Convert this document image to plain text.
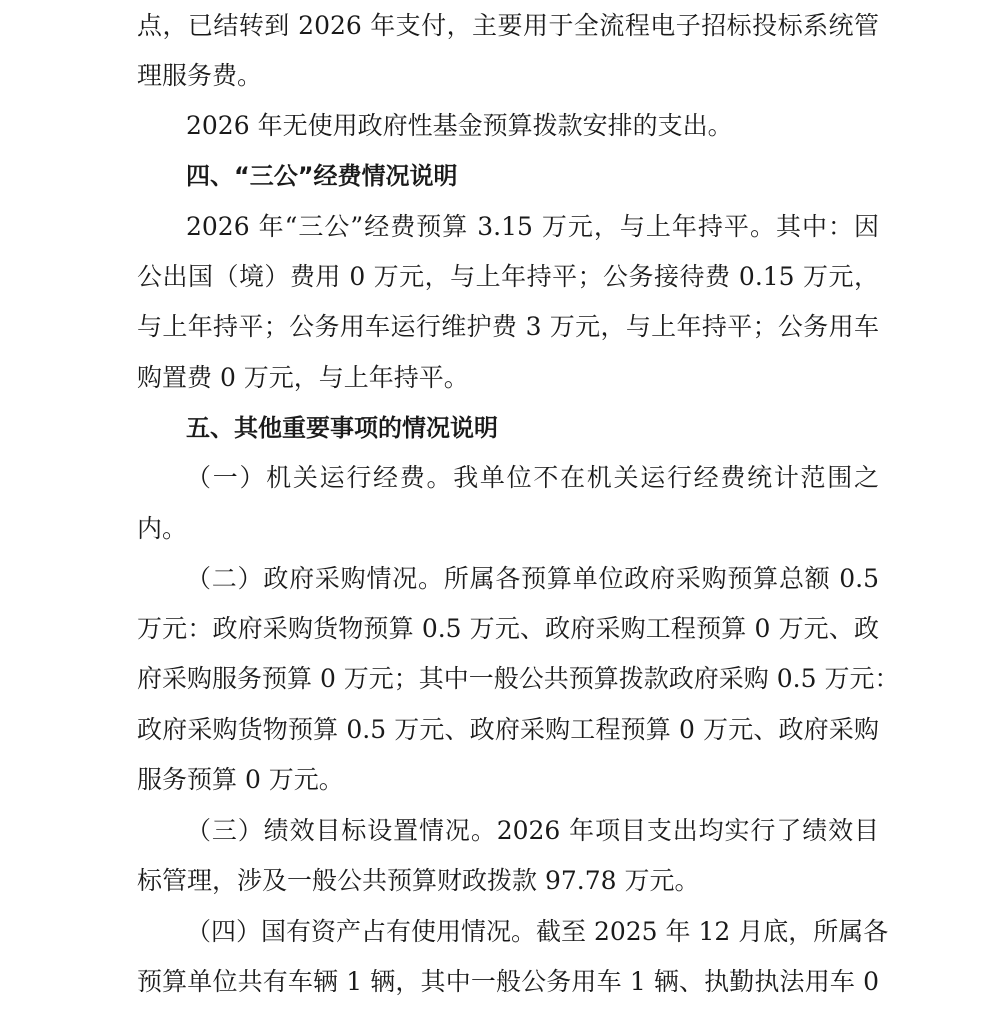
点，已结转到 2026 年支付，主要用于全流程电子招标投标系统管
理服务费。
2026 年无使用政府性基金预算拨款安排的支出。
四、“三公”经费情况说明
2026 年“三公”经费预算 3.15 万元，与上年持平。其中：因
公出国（境）费用 0 万元，与上年持平；公务接待费 0.15 万元，
与上年持平；公务用车运行维护费 3 万元，与上年持平；公务用车
购置费 0 万元，与上年持平。
五、其他重要事项的情况说明
（一）机关运行经费。我单位不在机关运行经费统计范围之
内。
（二）政府采购情况。所属各预算单位政府采购预算总额 0.5
万元：政府采购货物预算 0.5 万元、政府采购工程预算 0 万元、政
府采购服务预算 0 万元；其中一般公共预算拨款政府采购 0.5 万元：
政府采购货物预算 0.5 万元、政府采购工程预算 0 万元、政府采购
服务预算 0 万元。
（三）绩效目标设置情况。2026 年项目支出均实行了绩效目
标管理，涉及一般公共预算财政拨款 97.78 万元。
（四）国有资产占有使用情况。截至 2025 年 12 月底，所属各
预算单位共有车辆 1 辆，其中一般公务用车 1 辆、执勤执法用车 0
